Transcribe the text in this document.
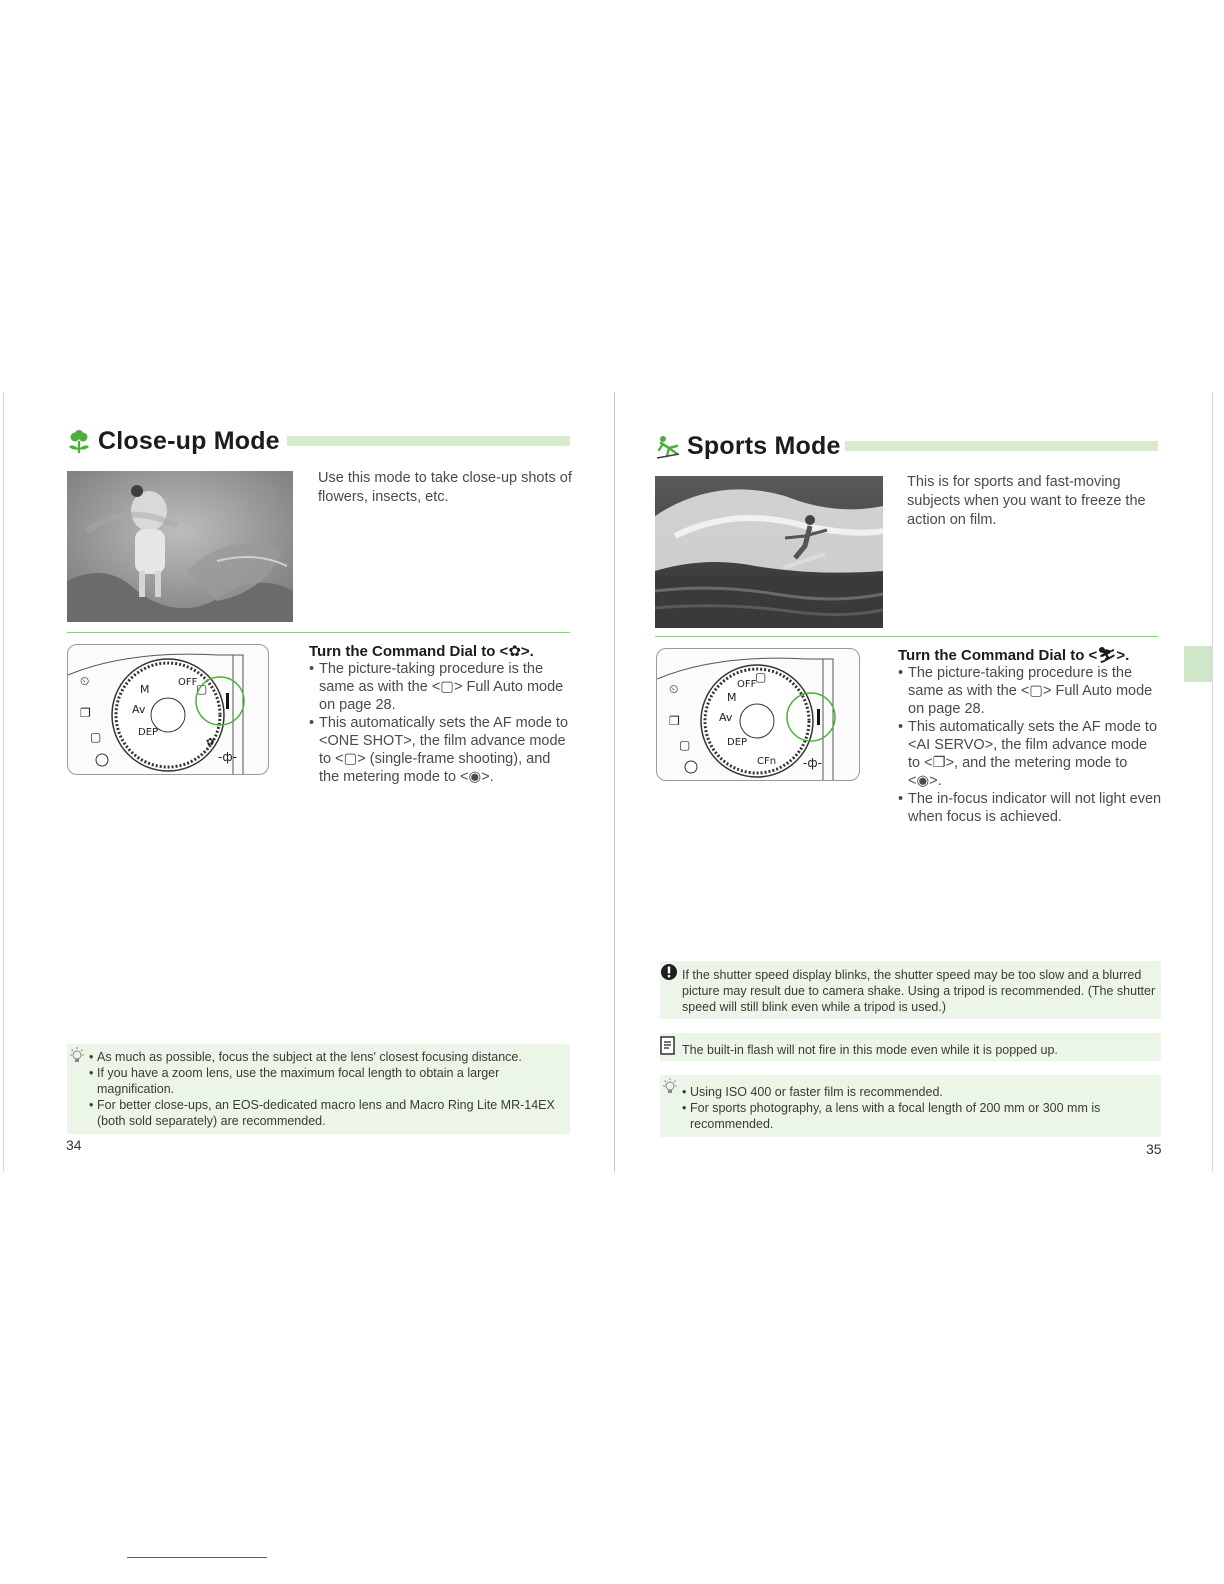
Close-up Mode
Use this mode to take close-up shots of flowers, insects, etc.
M
Av
DEP
OFF
▢
✿
⏲
❐
▢
-ф-
Turn the Command Dial to <✿>.
• The picture-taking procedure is the same as with the <▢> Full Auto mode on page 28.
• This automatically sets the AF mode to <ONE SHOT>, the film advance mode to <▢> (single-frame shooting), and the metering mode to <◉>.
• As much as possible, focus the subject at the lens' closest focusing distance.
• If you have a zoom lens, use the maximum focal length to obtain a larger magnification.
• For better close-ups, an EOS-dedicated macro lens and Macro Ring Lite MR-14EX (both sold separately) are recommended.
34
Sports Mode
This is for sports and fast-moving subjects when you want to freeze the action on film.
M
Av
DEP
OFF
▢
CFn
⏲
❐
▢
-ф-
Turn the Command Dial to <⛷>.
• The picture-taking procedure is the same as with the <▢> Full Auto mode on page 28.
• This automatically sets the AF mode to <AI SERVO>, the film advance mode to <❐>, and the metering mode to <◉>.
• The in-focus indicator will not light even when focus is achieved.
If the shutter speed display blinks, the shutter speed may be too slow and a blurred picture may result due to camera shake. Using a tripod is recommended. (The shutter speed will still blink even while a tripod is used.)
The built-in flash will not fire in this mode even while it is popped up.
• Using ISO 400 or faster film is recommended.
• For sports photography, a lens with a focal length of 200 mm or 300 mm is recommended.
35
